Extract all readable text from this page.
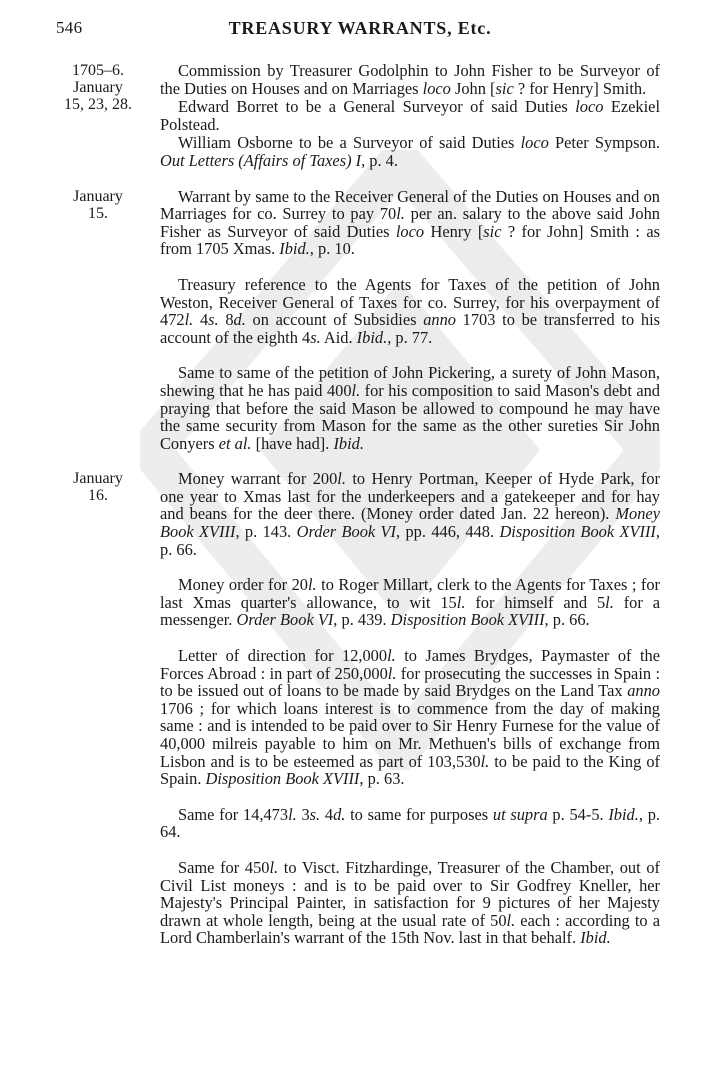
546	TREASURY WARRANTS, Etc.
1705–6.
January
15, 23, 28.

Commission by Treasurer Godolphin to John Fisher to be Surveyor of the Duties on Houses and on Marriages loco John [sic ? for Henry] Smith.

Edward Borret to be a General Surveyor of said Duties loco Ezekiel Polstead.

William Osborne to be a Surveyor of said Duties loco Peter Sympson. Out Letters (Affairs of Taxes) I, p. 4.

January
15.

Warrant by same to the Receiver General of the Duties on Houses and on Marriages for co. Surrey to pay 70l. per an. salary to the above said John Fisher as Surveyor of said Duties loco Henry [sic ? for John] Smith : as from 1705 Xmas. Ibid., p. 10.

Treasury reference to the Agents for Taxes of the petition of John Weston, Receiver General of Taxes for co. Surrey, for his overpayment of 472l. 4s. 8d. on account of Subsidies anno 1703 to be transferred to his account of the eighth 4s. Aid. Ibid., p. 77.

Same to same of the petition of John Pickering, a surety of John Mason, shewing that he has paid 400l. for his composition to said Mason's debt and praying that before the said Mason be allowed to compound he may have the same security from Mason for the same as the other sureties Sir John Conyers et al. [have had]. Ibid.

January
16.

Money warrant for 200l. to Henry Portman, Keeper of Hyde Park, for one year to Xmas last for the underkeepers and a gatekeeper and for hay and beans for the deer there. (Money order dated Jan. 22 hereon). Money Book XVIII, p. 143. Order Book VI, pp. 446, 448. Disposition Book XVIII, p. 66.

Money order for 20l. to Roger Millart, clerk to the Agents for Taxes ; for last Xmas quarter's allowance, to wit 15l. for himself and 5l. for a messenger. Order Book VI, p. 439. Disposition Book XVIII, p. 66.

Letter of direction for 12,000l. to James Brydges, Paymaster of the Forces Abroad : in part of 250,000l. for prosecuting the successes in Spain : to be issued out of loans to be made by said Brydges on the Land Tax anno 1706 ; for which loans interest is to commence from the day of making same : and is intended to be paid over to Sir Henry Furnese for the value of 40,000 milreis payable to him on Mr. Methuen's bills of exchange from Lisbon and is to be esteemed as part of 103,530l. to be paid to the King of Spain. Disposition Book XVIII, p. 63.

Same for 14,473l. 3s. 4d. to same for purposes ut supra p. 54-5. Ibid., p. 64.

Same for 450l. to Visct. Fitzhardinge, Treasurer of the Chamber, out of Civil List moneys : and is to be paid over to Sir Godfrey Kneller, her Majesty's Principal Painter, in satisfaction for 9 pictures of her Majesty drawn at whole length, being at the usual rate of 50l. each : according to a Lord Chamberlain's warrant of the 15th Nov. last in that behalf. Ibid.
